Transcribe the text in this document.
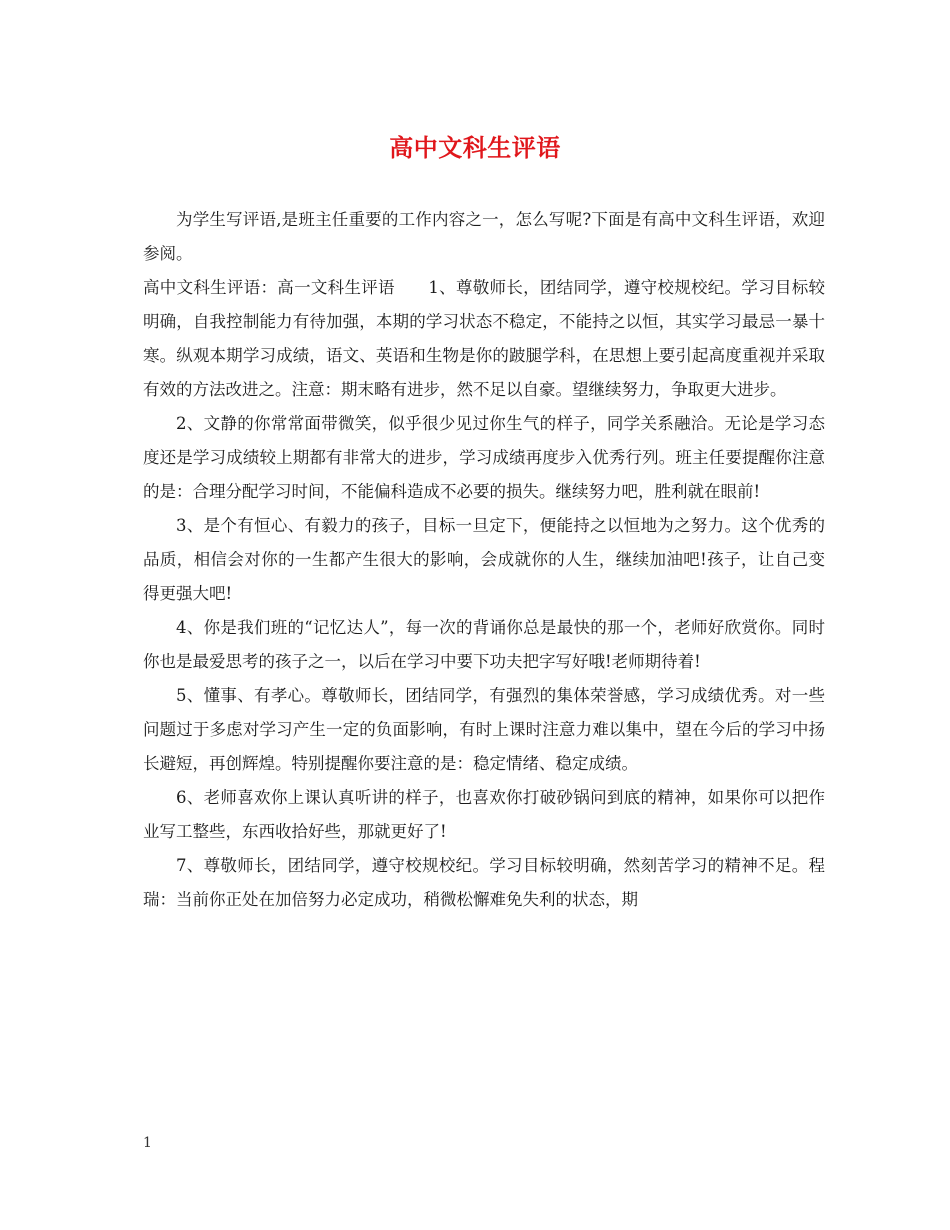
高中文科生评语

为学生写评语,是班主任重要的工作内容之一，怎么写呢?下面是有高中文科生评语，欢迎参阅。

高中文科生评语：高一文科生评语　　1、尊敬师长，团结同学，遵守校规校纪。学习目标较明确，自我控制能力有待加强，本期的学习状态不稳定，不能持之以恒，其实学习最忌一暴十寒。纵观本期学习成绩，语文、英语和生物是你的跛腿学科，在思想上要引起高度重视并采取有效的方法改进之。注意：期末略有进步，然不足以自豪。望继续努力，争取更大进步。

2、文静的你常常面带微笑，似乎很少见过你生气的样子，同学关系融洽。无论是学习态度还是学习成绩较上期都有非常大的进步，学习成绩再度步入优秀行列。班主任要提醒你注意的是：合理分配学习时间，不能偏科造成不必要的损失。继续努力吧，胜利就在眼前!

3、是个有恒心、有毅力的孩子，目标一旦定下，便能持之以恒地为之努力。这个优秀的品质，相信会对你的一生都产生很大的影响，会成就你的人生，继续加油吧!孩子，让自己变得更强大吧!

4、你是我们班的“记忆达人”，每一次的背诵你总是最快的那一个，老师好欣赏你。同时你也是最爱思考的孩子之一，以后在学习中要下功夫把字写好哦!老师期待着!

5、懂事、有孝心。尊敬师长，团结同学，有强烈的集体荣誉感，学习成绩优秀。对一些问题过于多虑对学习产生一定的负面影响，有时上课时注意力难以集中，望在今后的学习中扬长避短，再创辉煌。特别提醒你要注意的是：稳定情绪、稳定成绩。

6、老师喜欢你上课认真听讲的样子，也喜欢你打破砂锅问到底的精神，如果你可以把作业写工整些，东西收拾好些，那就更好了!

7、尊敬师长，团结同学，遵守校规校纪。学习目标较明确，然刻苦学习的精神不足。程瑞：当前你正处在加倍努力必定成功，稍微松懈难免失利的状态，期

1
